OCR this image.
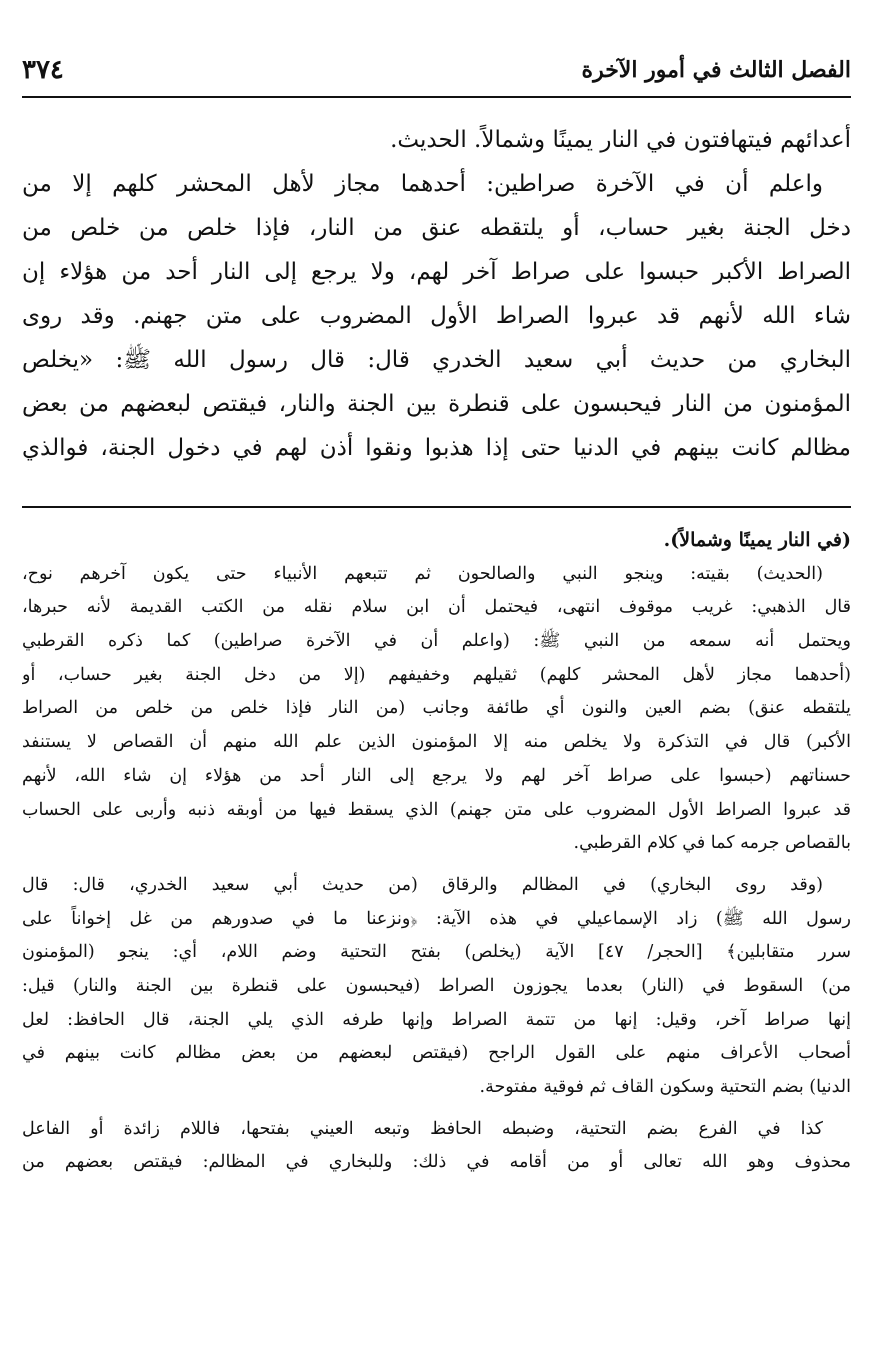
الفصل الثالث في أمور الآخرة
٣٧٤
أعدائهم فيتهافتون في النار يمينًا وشمالاً. الحديث.
واعلم أن في الآخرة صراطين: أحدهما مجاز لأهل المحشر كلهم إلا من
دخل الجنة بغير حساب، أو يلتقطه عنق من النار، فإذا خلص من خلص من
الصراط الأكبر حبسوا على صراط آخر لهم، ولا يرجع إلى النار أحد من هؤلاء إن
شاء الله لأنهم قد عبروا الصراط الأول المضروب على متن جهنم. وقد روى
البخاري من حديث أبي سعيد الخدري قال: قال رسول الله ﷺ: «يخلص
المؤمنون من النار فيحبسون على قنطرة بين الجنة والنار، فيقتص لبعضهم من بعض
مظالم كانت بينهم في الدنيا حتى إذا هذبوا ونقوا أذن لهم في دخول الجنة، فوالذي
(في النار يمينًا وشمالاً).
(الحديث) بقيته: وينجو النبي والصالحون ثم تتبعهم الأنبياء حتى يكون آخرهم نوح،
قال الذهبي: غريب موقوف انتهى، فيحتمل أن ابن سلام نقله من الكتب القديمة لأنه حبرها،
ويحتمل أنه سمعه من النبي ﷺ: (واعلم أن في الآخرة صراطين) كما ذكره القرطبي
(أحدهما مجاز لأهل المحشر كلهم) ثقيلهم وخفيفهم (إلا من دخل الجنة بغير حساب، أو
يلتقطه عنق) بضم العين والنون أي طائفة وجانب (من النار فإذا خلص من خلص من الصراط
الأكبر) قال في التذكرة ولا يخلص منه إلا المؤمنون الذين علم الله منهم أن القصاص لا يستنفد
حسناتهم (حبسوا على صراط آخر لهم ولا يرجع إلى النار أحد من هؤلاء إن شاء الله، لأنهم
قد عبروا الصراط الأول المضروب على متن جهنم) الذي يسقط فيها من أوبقه ذنبه وأربى على الحساب
بالقصاص جرمه كما في كلام القرطبي.
(وقد روى البخاري) في المظالم والرقاق (من حديث أبي سعيد الخدري، قال: قال
رسول الله ﷺ) زاد الإسماعيلي في هذه الآية: ﴿ونزعنا ما في صدورهم من غل إخواناً على
سرر متقابلين﴾ [الحجر/ ٤٧] الآية (يخلص) بفتح التحتية وضم اللام، أي: ينجو (المؤمنون
من) السقوط في (النار) بعدما يجوزون الصراط (فيحبسون على قنطرة بين الجنة والنار) قيل:
إنها صراط آخر، وقيل: إنها من تتمة الصراط وإنها طرفه الذي يلي الجنة، قال الحافظ: لعل
أصحاب الأعراف منهم على القول الراجح (فيقتص لبعضهم من بعض مظالم كانت بينهم في
الدنيا) بضم التحتية وسكون القاف ثم فوقية مفتوحة.
كذا في الفرع بضم التحتية، وضبطه الحافظ وتبعه العيني بفتحها، فاللام زائدة أو الفاعل
محذوف وهو الله تعالى أو من أقامه في ذلك: وللبخاري في المظالم: فيقتص بعضهم من
